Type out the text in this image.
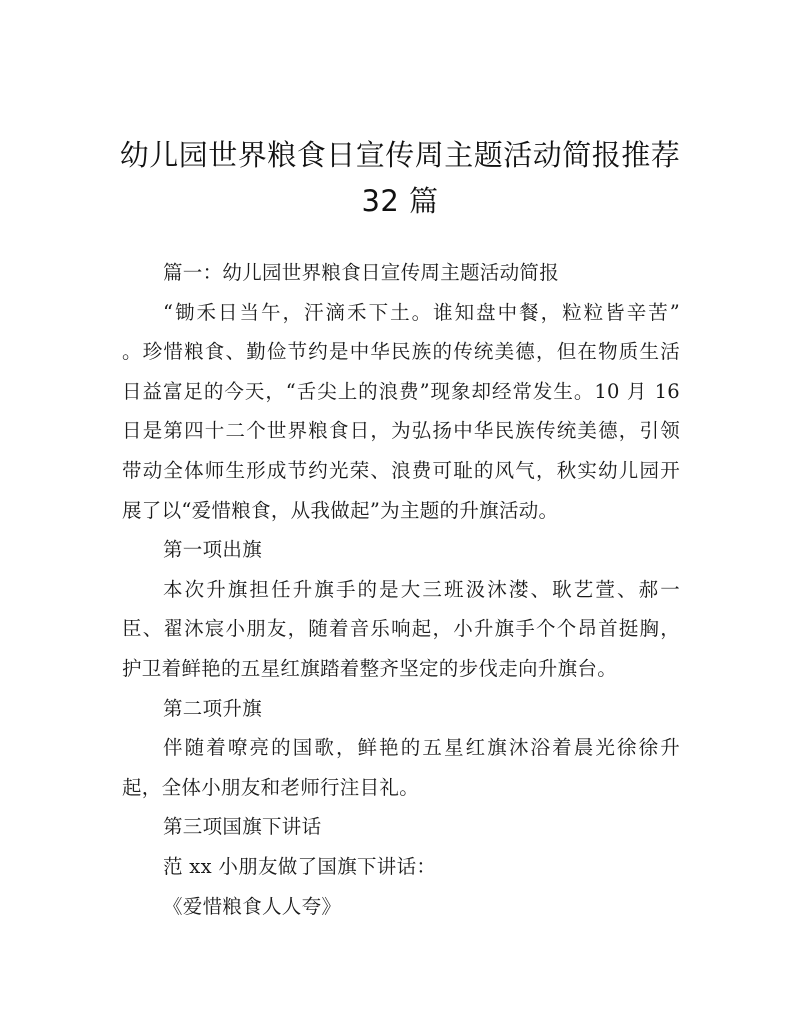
幼儿园世界粮食日宣传周主题活动简报推荐
32 篇
篇一：幼儿园世界粮食日宣传周主题活动简报
“锄禾日当午，汗滴禾下土。谁知盘中餐，粒粒皆辛苦”
。珍惜粮食、勤俭节约是中华民族的传统美德，但在物质生活
日益富足的今天，“舌尖上的浪费”现象却经常发生。10 月 16
日是第四十二个世界粮食日，为弘扬中华民族传统美德，引领
带动全体师生形成节约光荣、浪费可耻的风气，秋实幼儿园开
展了以“爱惜粮食，从我做起”为主题的升旗活动。
第一项出旗
本次升旗担任升旗手的是大三班汲沐漤、耿艺萱、郝一
臣、翟沐宸小朋友，随着音乐响起，小升旗手个个昂首挺胸，
护卫着鲜艳的五星红旗踏着整齐坚定的步伐走向升旗台。
第二项升旗
伴随着嘹亮的国歌，鲜艳的五星红旗沐浴着晨光徐徐升
起，全体小朋友和老师行注目礼。
第三项国旗下讲话
范 xx 小朋友做了国旗下讲话：
《爱惜粮食人人夸》
